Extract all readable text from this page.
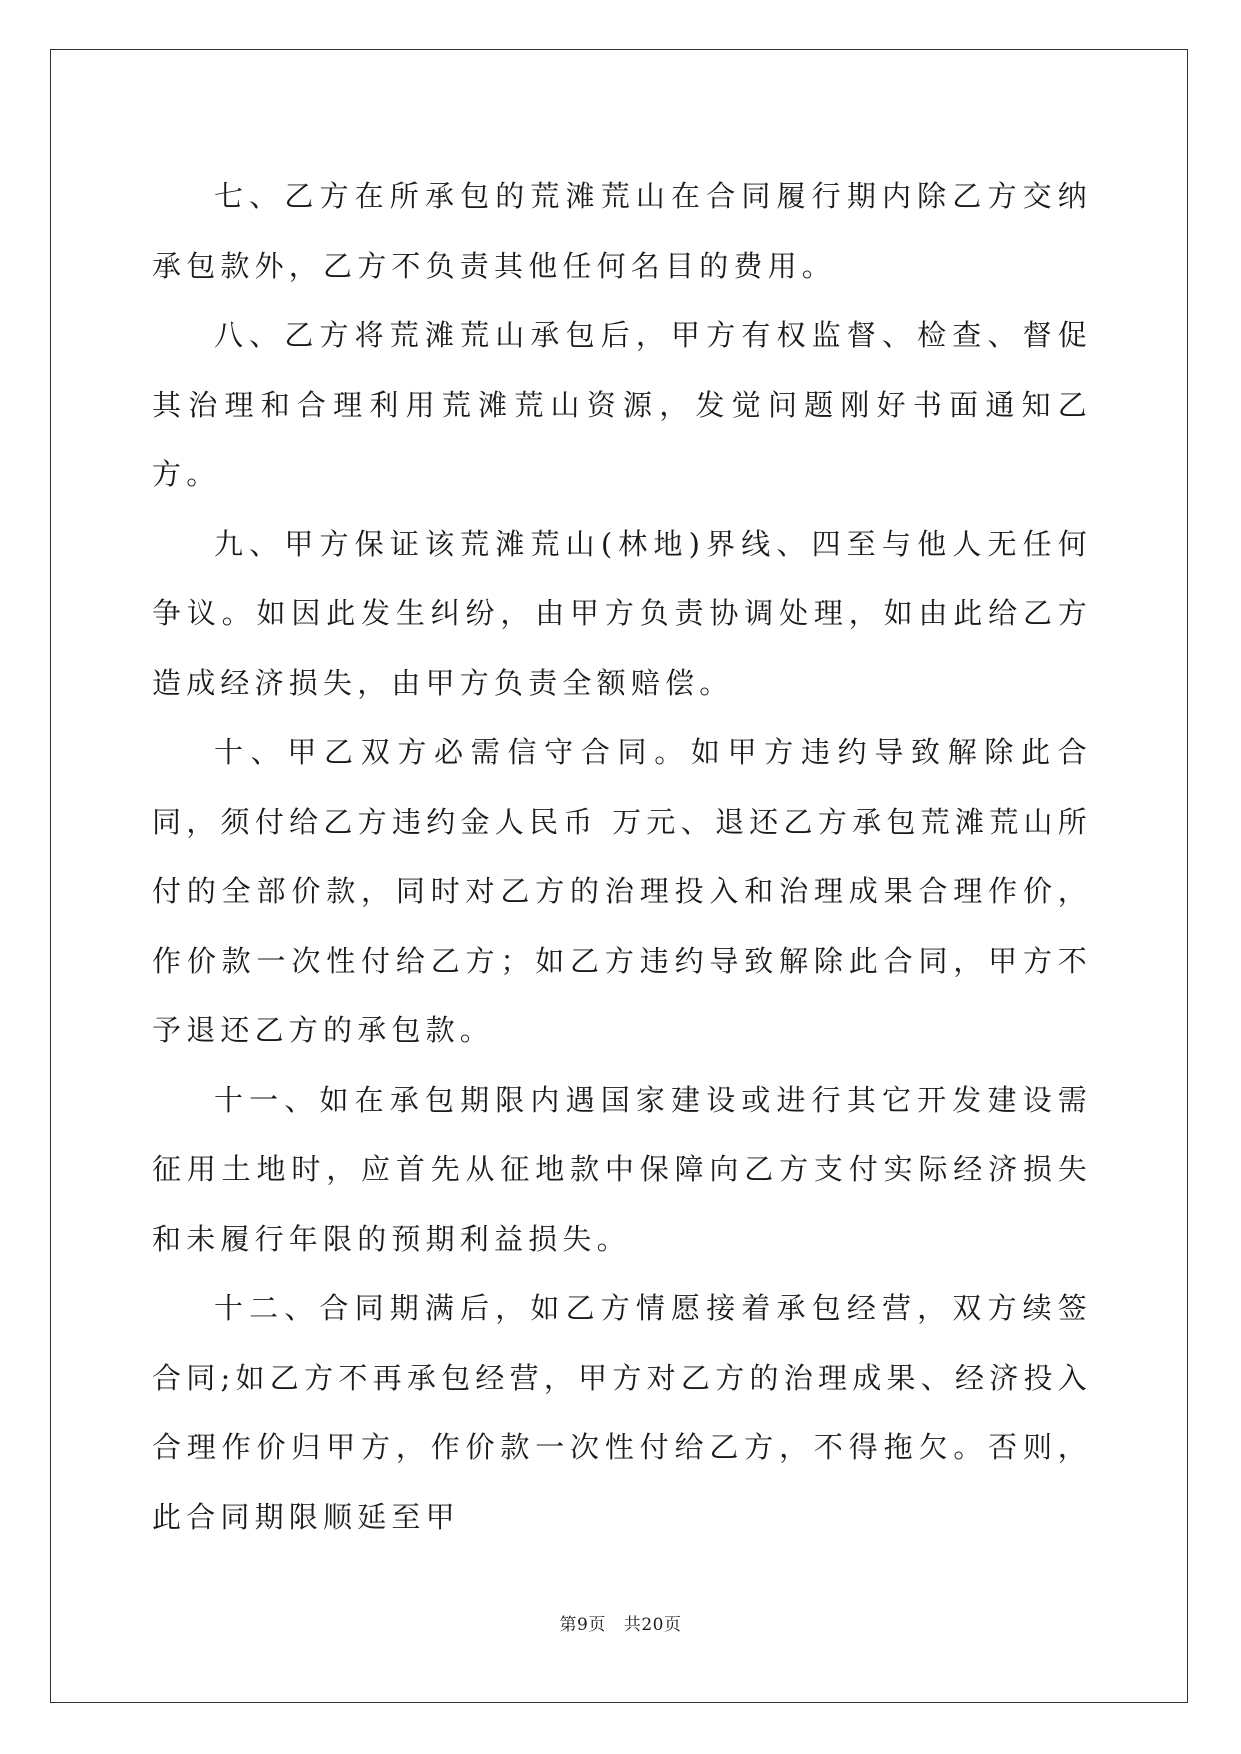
七、乙方在所承包的荒滩荒山在合同履行期内除乙方交纳承包款外，乙方不负责其他任何名目的费用。

八、乙方将荒滩荒山承包后，甲方有权监督、检查、督促其治理和合理利用荒滩荒山资源，发觉问题刚好书面通知乙方。

九、甲方保证该荒滩荒山(林地)界线、四至与他人无任何争议。如因此发生纠纷，由甲方负责协调处理，如由此给乙方造成经济损失，由甲方负责全额赔偿。

十、甲乙双方必需信守合同。如甲方违约导致解除此合同，须付给乙方违约金人民币 万元、退还乙方承包荒滩荒山所付的全部价款，同时对乙方的治理投入和治理成果合理作价，作价款一次性付给乙方；如乙方违约导致解除此合同，甲方不予退还乙方的承包款。

十一、如在承包期限内遇国家建设或进行其它开发建设需征用土地时，应首先从征地款中保障向乙方支付实际经济损失和未履行年限的预期利益损失。

十二、合同期满后，如乙方情愿接着承包经营，双方续签合同;如乙方不再承包经营，甲方对乙方的治理成果、经济投入合理作价归甲方，作价款一次性付给乙方，不得拖欠。否则，此合同期限顺延至甲

第9页 共20页
